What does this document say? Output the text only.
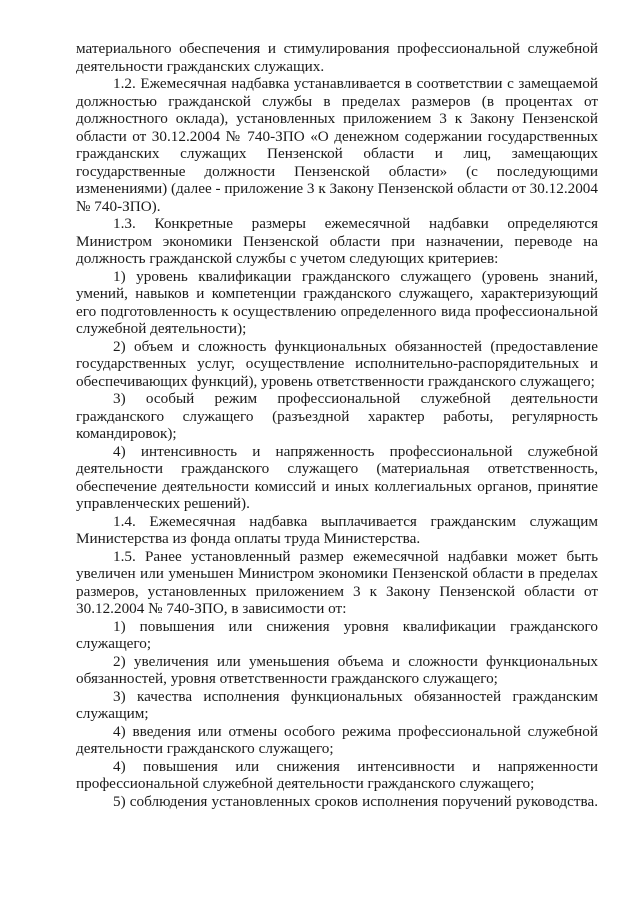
материального обеспечения и стимулирования профессиональной служебной деятельности гражданских служащих.

1.2. Ежемесячная надбавка устанавливается в соответствии с замещаемой должностью гражданской службы в пределах размеров (в процентах от должностного оклада), установленных приложением 3 к Закону Пензенской области от 30.12.2004 № 740-ЗПО «О денежном содержании государственных гражданских служащих Пензенской области и лиц, замещающих государственные должности Пензенской области» (с последующими изменениями) (далее - приложение 3 к Закону Пензенской области от 30.12.2004 № 740-ЗПО).

1.3. Конкретные размеры ежемесячной надбавки определяются Министром экономики Пензенской области при назначении, переводе на должность гражданской службы с учетом следующих критериев:

1) уровень квалификации гражданского служащего (уровень знаний, умений, навыков и компетенции гражданского служащего, характеризующий его подготовленность к осуществлению определенного вида профессиональной служебной деятельности);

2) объем и сложность функциональных обязанностей (предоставление государственных услуг, осуществление исполнительно-распорядительных и обеспечивающих функций), уровень ответственности гражданского служащего;

3) особый режим профессиональной служебной деятельности гражданского служащего (разъездной характер работы, регулярность командировок);

4) интенсивность и напряженность профессиональной служебной деятельности гражданского служащего (материальная ответственность, обеспечение деятельности комиссий и иных коллегиальных органов, принятие управленческих решений).

1.4. Ежемесячная надбавка выплачивается гражданским служащим Министерства из фонда оплаты труда Министерства.

1.5. Ранее установленный размер ежемесячной надбавки может быть увеличен или уменьшен Министром экономики Пензенской области в пределах размеров, установленных приложением 3 к Закону Пензенской области от 30.12.2004 № 740-ЗПО, в зависимости от:

1) повышения или снижения уровня квалификации гражданского служащего;

2) увеличения или уменьшения объема и сложности функциональных обязанностей, уровня ответственности гражданского служащего;

3) качества исполнения функциональных обязанностей гражданским служащим;

4) введения или отмены особого режима профессиональной служебной деятельности гражданского служащего;

4) повышения или снижения интенсивности и напряженности профессиональной служебной деятельности гражданского служащего;

5) соблюдения установленных сроков исполнения поручений руководства.
